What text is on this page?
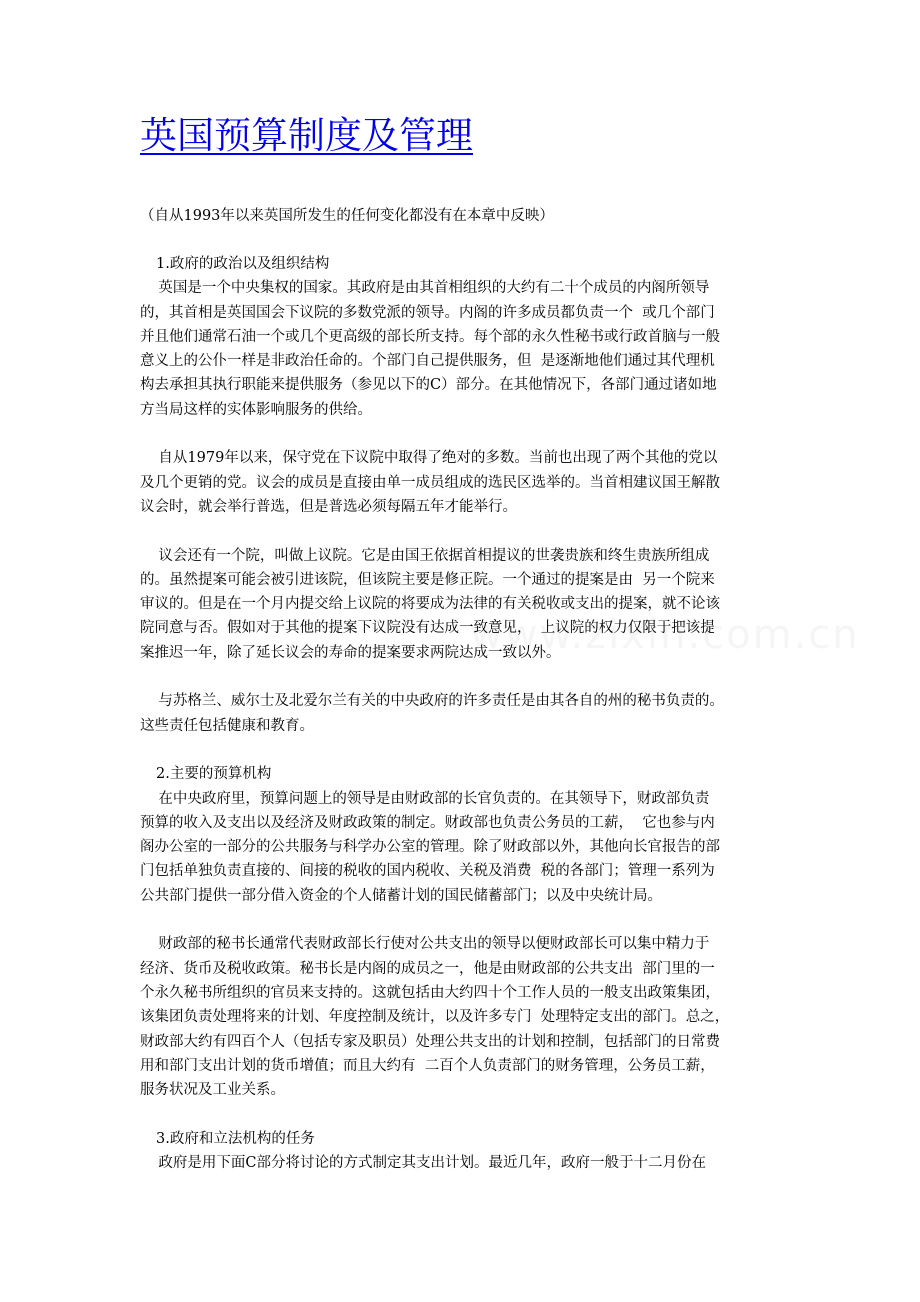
英国预算制度及管理

（自从1993年以来英国所发生的任何变化都没有在本章中反映）

1.政府的政治以及组织结构

英国是一个中央集权的国家。其政府是由其首相组织的大约有二十个成员的内阁所领导
的，其首相是英国国会下议院的多数党派的领导。内阁的许多成员都负责一个  或几个部门
并且他们通常石油一个或几个更高级的部长所支持。每个部的永久性秘书或行政首脑与一般
意义上的公仆一样是非政治任命的。个部门自己提供服务，但  是逐渐地他们通过其代理机
构去承担其执行职能来提供服务（参见以下的C）部分。在其他情况下，各部门通过诸如地
方当局这样的实体影响服务的供给。

自从1979年以来，保守党在下议院中取得了绝对的多数。当前也出现了两个其他的党以
及几个更销的党。议会的成员是直接由单一成员组成的选民区选举的。当首相建议国王解散
议会时，就会举行普选，但是普选必须每隔五年才能举行。

议会还有一个院，叫做上议院。它是由国王依据首相提议的世袭贵族和终生贵族所组成
的。虽然提案可能会被引进该院，但该院主要是修正院。一个通过的提案是由  另一个院来
审议的。但是在一个月内提交给上议院的将要成为法律的有关税收或支出的提案，就不论该
院同意与否。假如对于其他的提案下议院没有达成一致意见，  上议院的权力仅限于把该提
案推迟一年，除了延长议会的寿命的提案要求两院达成一致以外。

与苏格兰、威尔士及北爱尔兰有关的中央政府的许多责任是由其各自的州的秘书负责的。
这些责任包括健康和教育。

2.主要的预算机构

在中央政府里，预算问题上的领导是由财政部的长官负责的。在其领导下，财政部负责
预算的收入及支出以及经济及财政政策的制定。财政部也负责公务员的工薪，  它也参与内
阁办公室的一部分的公共服务与科学办公室的管理。除了财政部以外，其他向长官报告的部
门包括单独负责直接的、间接的税收的国内税收、关税及消费  税的各部门；管理一系列为
公共部门提供一部分借入资金的个人储蓄计划的国民储蓄部门；以及中央统计局。

财政部的秘书长通常代表财政部长行使对公共支出的领导以便财政部长可以集中精力于
经济、货币及税收政策。秘书长是内阁的成员之一，他是由财政部的公共支出  部门里的一
个永久秘书所组织的官员来支持的。这就包括由大约四十个工作人员的一般支出政策集团，
该集团负责处理将来的计划、年度控制及统计，以及许多专门  处理特定支出的部门。总之，
财政部大约有四百个人（包括专家及职员）处理公共支出的计划和控制，包括部门的日常费
用和部门支出计划的货币增值；而且大约有  二百个人负责部门的财务管理，公务员工薪，
服务状况及工业关系。

3.政府和立法机构的任务

政府是用下面C部分将讨论的方式制定其支出计划。最近几年，政府一般于十二月份在
